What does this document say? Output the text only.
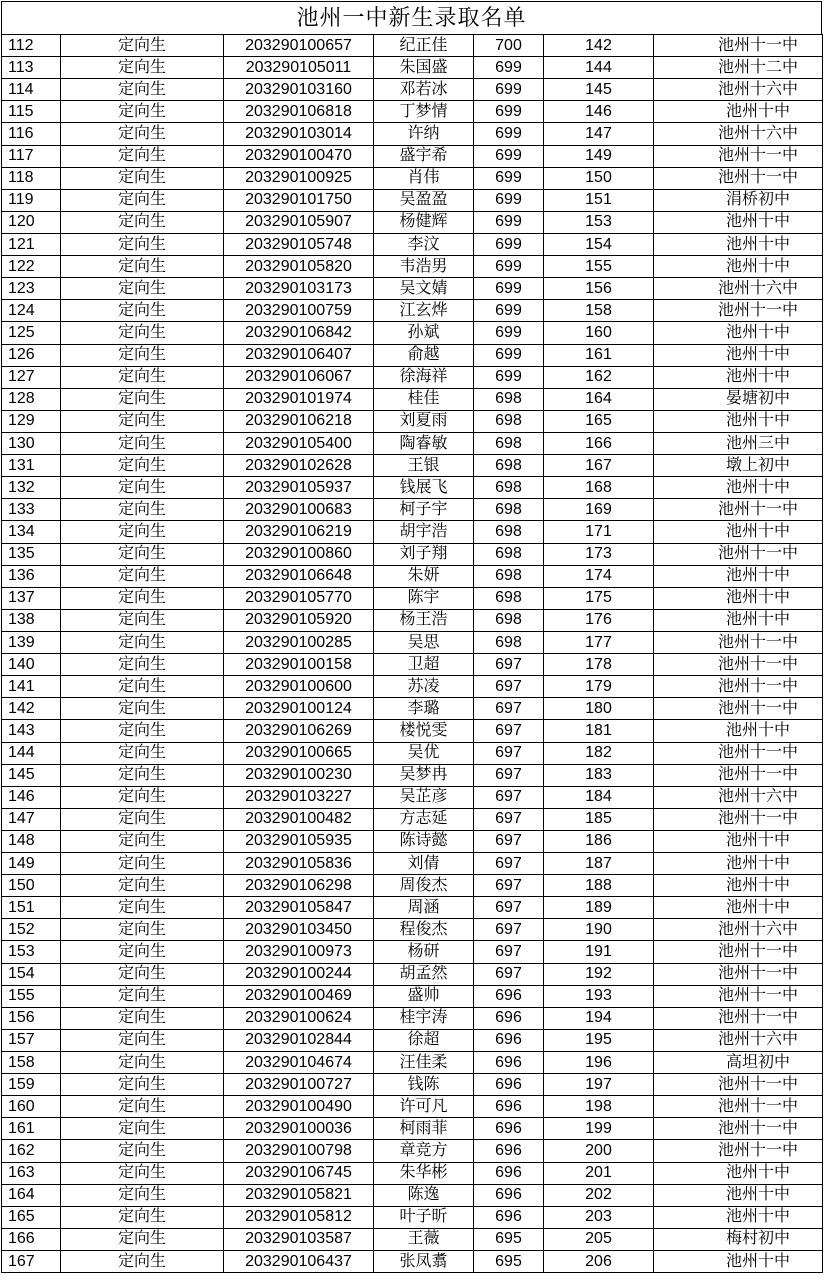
池州一中新生录取名单
112	定向生	203290100657	纪正佳	700	142	池州十一中
113	定向生	203290105011	朱国盛	699	144	池州十二中
114	定向生	203290103160	邓若冰	699	145	池州十六中
115	定向生	203290106818	丁梦情	699	146	池州十中
116	定向生	203290103014	许纳	699	147	池州十六中
117	定向生	203290100470	盛宇希	699	149	池州十一中
118	定向生	203290100925	肖伟	699	150	池州十一中
119	定向生	203290101750	吴盈盈	699	151	涓桥初中
120	定向生	203290105907	杨健辉	699	153	池州十中
121	定向生	203290105748	李汶	699	154	池州十中
122	定向生	203290105820	韦浩男	699	155	池州十中
123	定向生	203290103173	吴文婧	699	156	池州十六中
124	定向生	203290100759	江玄烨	699	158	池州十一中
125	定向生	203290106842	孙斌	699	160	池州十中
126	定向生	203290106407	俞越	699	161	池州十中
127	定向生	203290106067	徐海祥	699	162	池州十中
128	定向生	203290101974	桂佳	698	164	晏塘初中
129	定向生	203290106218	刘夏雨	698	165	池州十中
130	定向生	203290105400	陶睿敏	698	166	池州三中
131	定向生	203290102628	王银	698	167	墩上初中
132	定向生	203290105937	钱展飞	698	168	池州十中
133	定向生	203290100683	柯子宇	698	169	池州十一中
134	定向生	203290106219	胡宇浩	698	171	池州十中
135	定向生	203290100860	刘子翔	698	173	池州十一中
136	定向生	203290106648	朱妍	698	174	池州十中
137	定向生	203290105770	陈宇	698	175	池州十中
138	定向生	203290105920	杨王浩	698	176	池州十中
139	定向生	203290100285	吴思	698	177	池州十一中
140	定向生	203290100158	卫超	697	178	池州十一中
141	定向生	203290100600	苏凌	697	179	池州十一中
142	定向生	203290100124	李璐	697	180	池州十一中
143	定向生	203290106269	楼悦雯	697	181	池州十中
144	定向生	203290100665	吴优	697	182	池州十一中
145	定向生	203290100230	吴梦冉	697	183	池州十一中
146	定向生	203290103227	吴芷彦	697	184	池州十六中
147	定向生	203290100482	方志延	697	185	池州十一中
148	定向生	203290105935	陈诗懿	697	186	池州十中
149	定向生	203290105836	刘倩	697	187	池州十中
150	定向生	203290106298	周俊杰	697	188	池州十中
151	定向生	203290105847	周涵	697	189	池州十中
152	定向生	203290103450	程俊杰	697	190	池州十六中
153	定向生	203290100973	杨研	697	191	池州十一中
154	定向生	203290100244	胡孟然	697	192	池州十一中
155	定向生	203290100469	盛帅	696	193	池州十一中
156	定向生	203290100624	桂宇涛	696	194	池州十一中
157	定向生	203290102844	徐超	696	195	池州十六中
158	定向生	203290104674	汪佳柔	696	196	高坦初中
159	定向生	203290100727	钱陈	696	197	池州十一中
160	定向生	203290100490	许可凡	696	198	池州十一中
161	定向生	203290100036	柯雨菲	696	199	池州十一中
162	定向生	203290100798	章竞方	696	200	池州十一中
163	定向生	203290106745	朱华彬	696	201	池州十中
164	定向生	203290105821	陈逸	696	202	池州十中
165	定向生	203290105812	叶子昕	696	203	池州十中
166	定向生	203290103587	王薇	695	205	梅村初中
167	定向生	203290106437	张凤翥	695	206	池州十中
